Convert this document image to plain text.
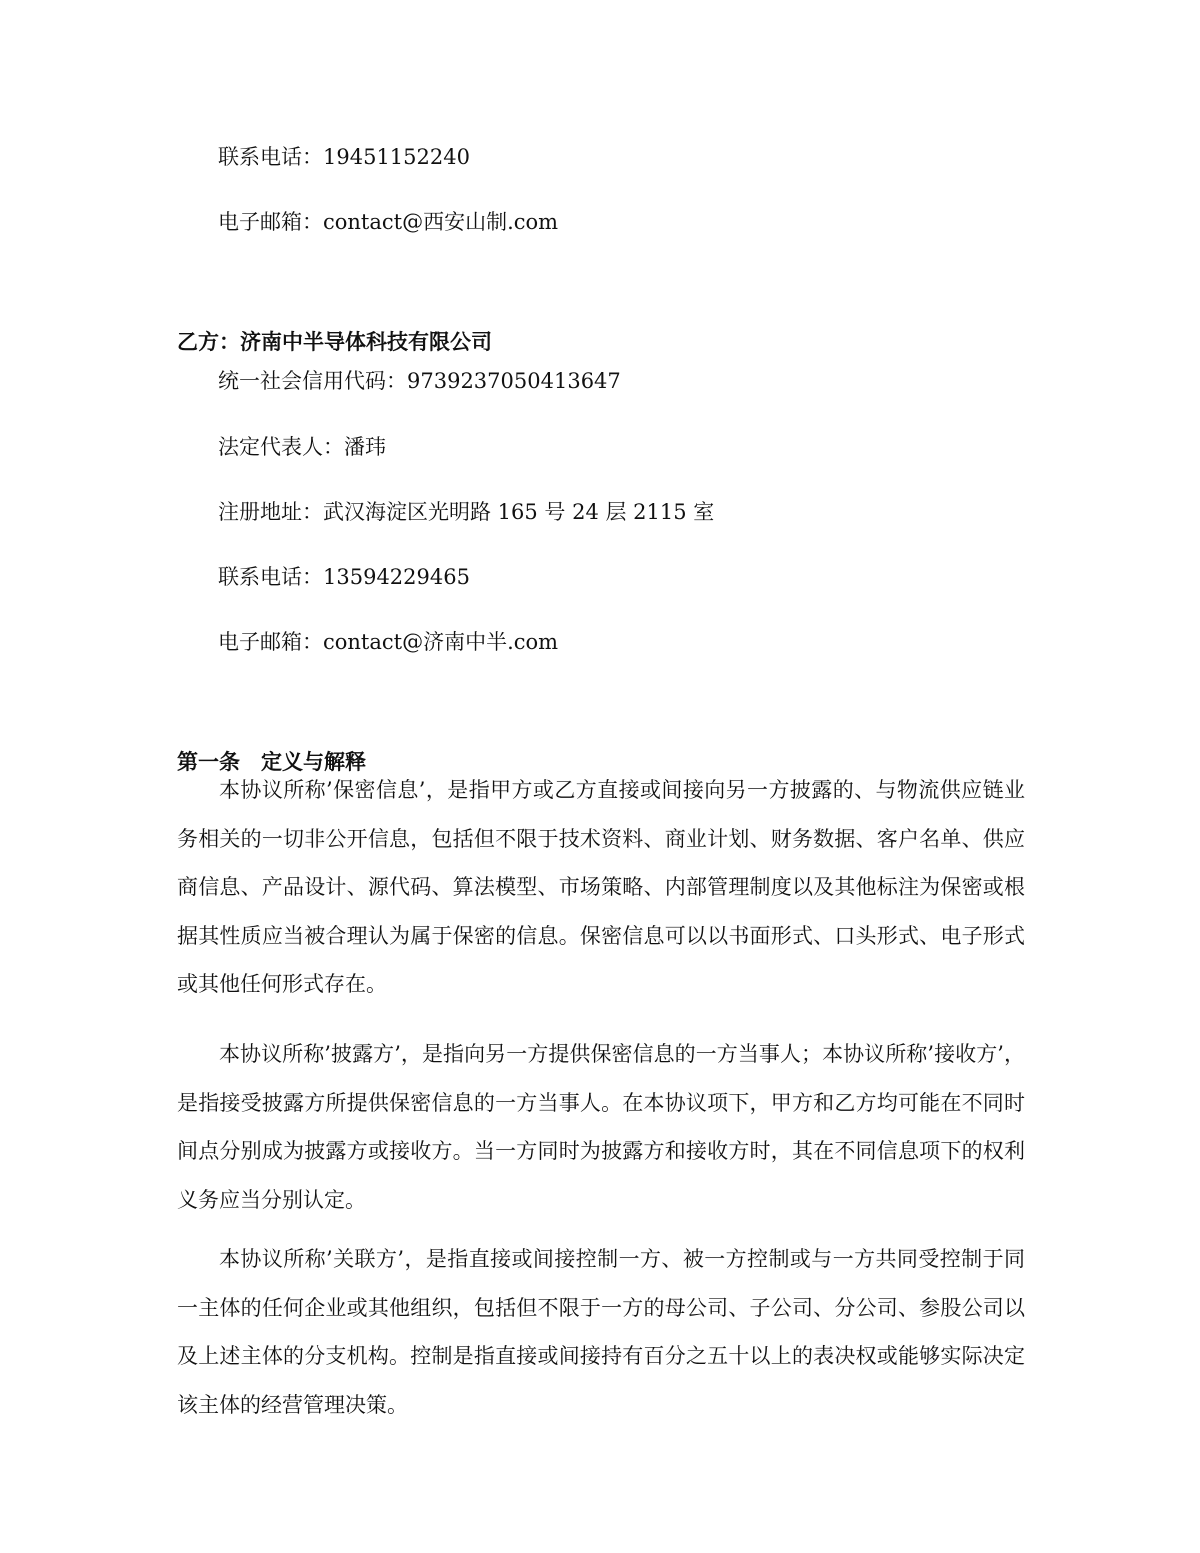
联系电话：19451152240
电子邮箱：contact@西安山制.com
乙方：济南中半导体科技有限公司
统一社会信用代码：9739237050413647
法定代表人：潘玮
注册地址：武汉海淀区光明路 165 号 24 层 2115 室
联系电话：13594229465
电子邮箱：contact@济南中半.com
第一条　定义与解释
本协议所称’保密信息’，是指甲方或乙方直接或间接向另一方披露的、与物流供应链业务相关的一切非公开信息，包括但不限于技术资料、商业计划、财务数据、客户名单、供应商信息、产品设计、源代码、算法模型、市场策略、内部管理制度以及其他标注为保密或根据其性质应当被合理认为属于保密的信息。保密信息可以以书面形式、口头形式、电子形式或其他任何形式存在。
本协议所称’披露方’，是指向另一方提供保密信息的一方当事人；本协议所称’接收方’，是指接受披露方所提供保密信息的一方当事人。在本协议项下，甲方和乙方均可能在不同时间点分别成为披露方或接收方。当一方同时为披露方和接收方时，其在不同信息项下的权利义务应当分别认定。
本协议所称’关联方’，是指直接或间接控制一方、被一方控制或与一方共同受控制于同一主体的任何企业或其他组织，包括但不限于一方的母公司、子公司、分公司、参股公司以及上述主体的分支机构。控制是指直接或间接持有百分之五十以上的表决权或能够实际决定该主体的经营管理决策。
